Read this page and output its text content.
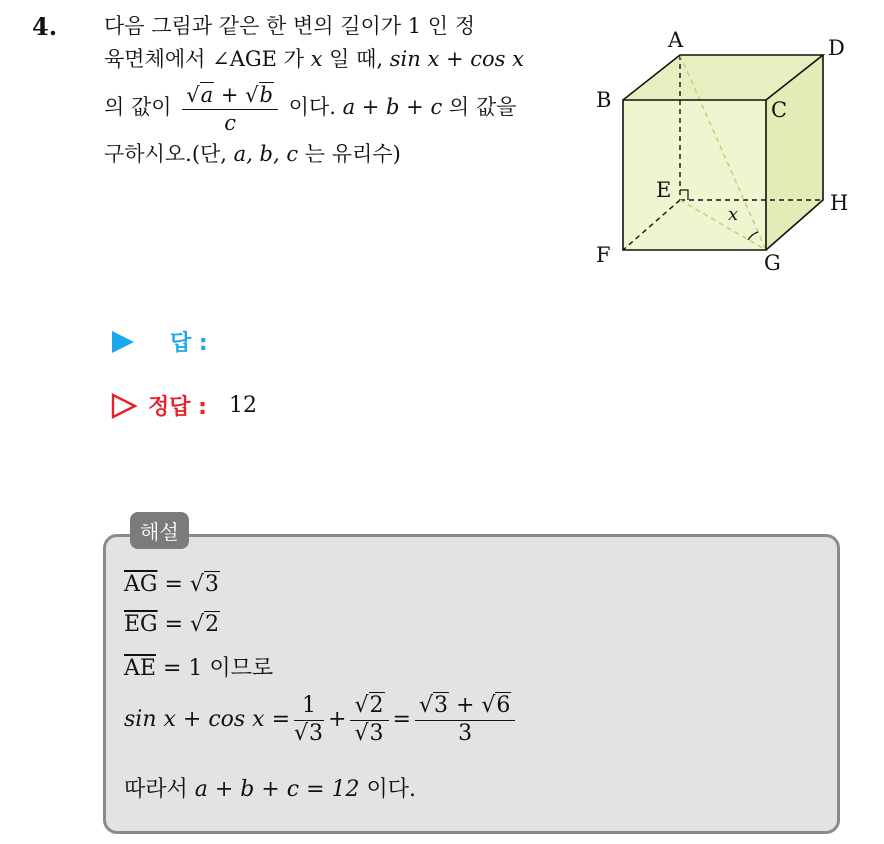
4. 다음 그림과 같은 한 변의 길이가 1 인 정
육면체에서 ∠AGE 가 x 일 때, sin x + cos x
의 값이 $\frac{√a + √b}{c}$ 이다. a + b + c 의 값을
구하시오.(단, a, b, c 는 유리수)
A	D
B	C
E
H
F	G
x
답 :
정답 : 12
해설
$\overline{AG} = √3$
$\overline{EG} = √2$
$\overline{AE} = 1$ 이므로
$\sin x + \cos x = \frac{1}{√3} + \frac{√2}{√3} = \frac{√3 + √6}{3}$
따라서 a + b + c = 12 이다.
